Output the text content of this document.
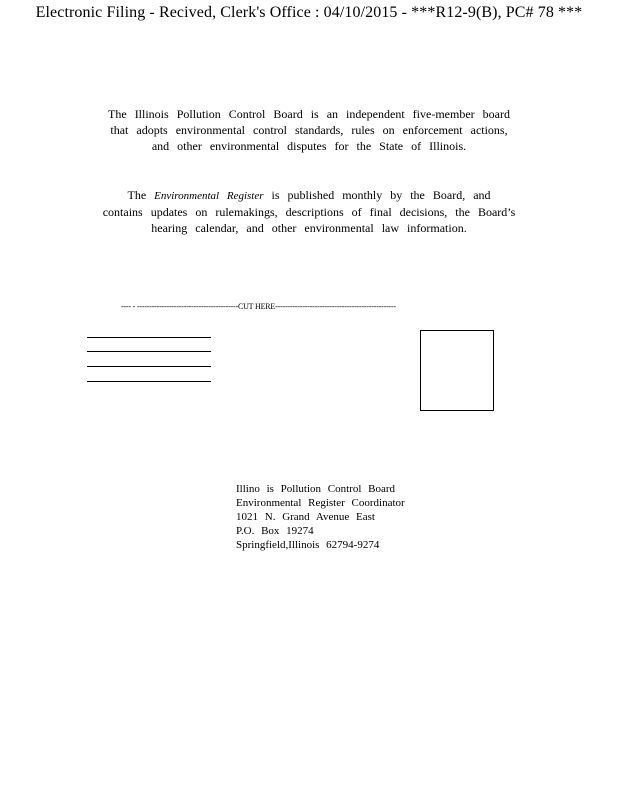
Electronic Filing - Recived, Clerk's Office : 04/10/2015 - ***R12-9(B), PC# 78 ***

The Illinois Pollution Control Board is an independent five-member board

that adopts environmental control standards, rules on enforcement actions,

and other environmental disputes for the State of Illinois.

The Environmental Register is published monthly by the Board, and

contains updates on rulemakings, descriptions of final decisions, the Board’s

hearing calendar, and other environmental law information.

---- - -----------------------------------------CUT HERE-------------------------------------------------
Illino is Pollution Control Board
Environmental Register Coordinator
1021 N. Grand Avenue East
P.O. Box 19274
Springfield,Illinois 62794-9274
